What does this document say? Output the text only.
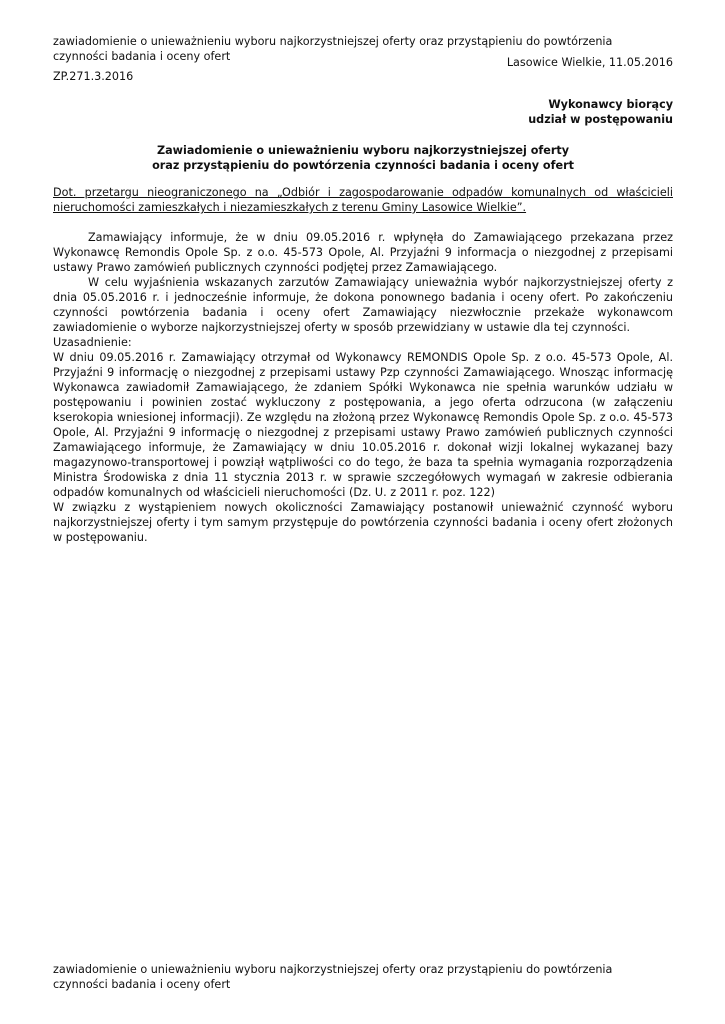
zawiadomienie o unieważnieniu wyboru najkorzystniejszej oferty oraz przystąpieniu do powtórzenia czynności badania i oceny ofert	Lasowice Wielkie, 11.05.2016
ZP.271.3.2016
Wykonawcy biorący
udział w postępowaniu
Zawiadomienie o unieważnieniu wyboru najkorzystniejszej oferty
oraz przystąpieniu do powtórzenia czynności badania i oceny ofert
Dot. przetargu nieograniczonego na „Odbiór i zagospodarowanie odpadów komunalnych od właścicieli nieruchomości zamieszkałych i niezamieszkałych z terenu Gminy Lasowice Wielkie”.

Zamawiający informuje, że w dniu 09.05.2016 r. wpłynęła do Zamawiającego przekazana przez Wykonawcę Remondis Opole Sp. z o.o. 45-573 Opole, Al. Przyjaźni 9 informacja o niezgodnej z przepisami ustawy Prawo zamówień publicznych czynności podjętej przez Zamawiającego.

W celu wyjaśnienia wskazanych zarzutów Zamawiający unieważnia wybór najkorzystniejszej oferty z dnia 05.05.2016 r. i jednocześnie informuje, że dokona ponownego badania i oceny ofert. Po zakończeniu czynności powtórzenia badania i oceny ofert Zamawiający niezwłocznie przekaże wykonawcom zawiadomienie o wyborze najkorzystniejszej oferty w sposób przewidziany w ustawie dla tej czynności.

Uzasadnienie:

W dniu 09.05.2016 r. Zamawiający otrzymał od Wykonawcy REMONDIS Opole Sp. z o.o. 45-573 Opole, Al. Przyjaźni 9 informację o niezgodnej z przepisami ustawy Pzp czynności Zamawiającego. Wnosząc informację Wykonawca zawiadomił Zamawiającego, że zdaniem Spółki Wykonawca nie spełnia warunków udziału w postępowaniu i powinien zostać wykluczony z postępowania, a jego oferta odrzucona (w załączeniu kserokopia wniesionej informacji). Ze względu na złożoną przez Wykonawcę Remondis Opole Sp. z o.o. 45-573 Opole, Al. Przyjaźni 9 informację o niezgodnej z przepisami ustawy Prawo zamówień publicznych czynności Zamawiającego informuje, że Zamawiający w dniu 10.05.2016 r. dokonał wizji lokalnej wykazanej bazy magazynowo-transportowej i powziął wątpliwości co do tego, że baza ta spełnia wymagania rozporządzenia Ministra Środowiska z dnia 11 stycznia 2013 r. w sprawie szczegółowych wymagań w zakresie odbierania odpadów komunalnych od właścicieli nieruchomości (Dz. U. z 2011 r. poz. 122)

W związku z wystąpieniem nowych okoliczności Zamawiający postanowił unieważnić czynność wyboru najkorzystniejszej oferty i tym samym przystępuje do powtórzenia czynności badania i oceny ofert złożonych w postępowaniu.

zawiadomienie o unieważnieniu wyboru najkorzystniejszej oferty oraz przystąpieniu do powtórzenia czynności badania i oceny ofert
